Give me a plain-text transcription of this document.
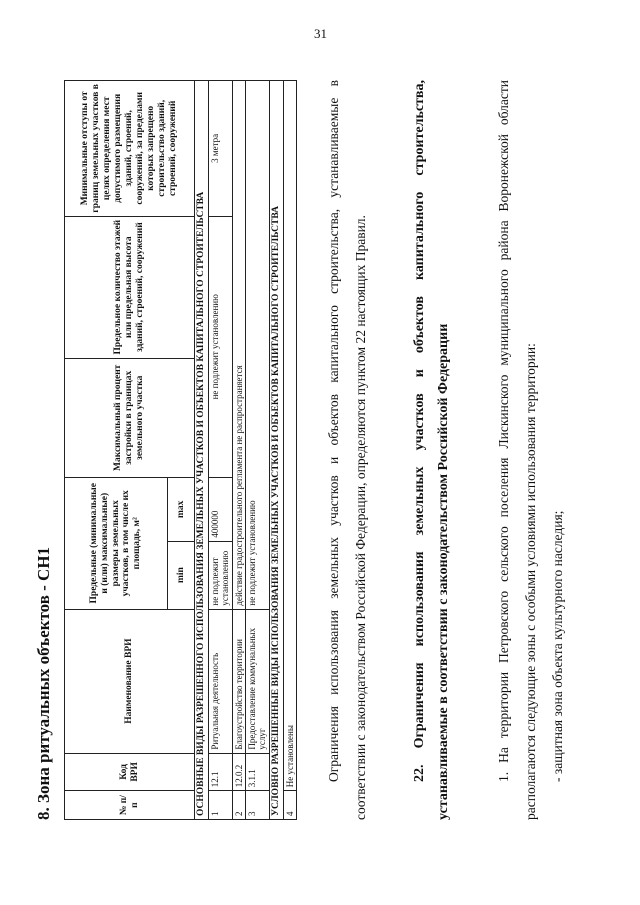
31
8. Зона ритуальных объектов - СН1	№ п/п	Код ВРИ	Наименование ВРИ	Предельные (минимальные и (или) максимальные) размеры земельных участков, в том числе их площадь, м²		Максимальный процент застройки в границах земельного участка	Предельное количество этажей или предельная высота зданий, строений, сооружений	Минимальные отступы от границ земельных участков в целях определения мест допустимого размещения зданий, строений, сооружений, за пределами которых запрещено строительство зданий, строений, сооружений
			min	max			
ОСНОВНЫЕ ВИДЫ РАЗРЕШЕННОГО ИСПОЛЬЗОВАНИЯ ЗЕМЕЛЬНЫХ УЧАСТКОВ И ОБЪЕКТОВ КАПИТАЛЬНОГО СТРОИТЕЛЬСТВА							
1	12.1	Ритуальная деятельность	не подлежит установлению	400000	не подлежит установлению		3 метра
2	12.0.2	Благоустройство территории	действие градостроительного регламента не распространяется				
3	3.1.1	Предоставление коммунальных услуг	не подлежит установлению				
УСЛОВНО РАЗРЕШЕННЫЕ ВИДЫ ИСПОЛЬЗОВАНИЯ ЗЕМЕЛЬНЫХ УЧАСТКОВ И ОБЪЕКТОВ КАПИТАЛЬНОГО СТРОИТЕЛЬСТВА							
4	Не установлены							Ограничения использования земельных участков и объектов капитального строительства, устанавливаемые в соответствии с законодательством Российской Федерации, определяются пунктом 22 настоящих Правил.	22. Ограничения использования земельных участков и объектов капитального строительства, устанавливаемые в соответствии с законодательством Российской Федерации	1. На территории Петровского сельского поселения Лискинского муниципального района Воронежской области располагаются следующие зоны с особыми условиями использования территории: - защитная зона объекта культурного наследия;
